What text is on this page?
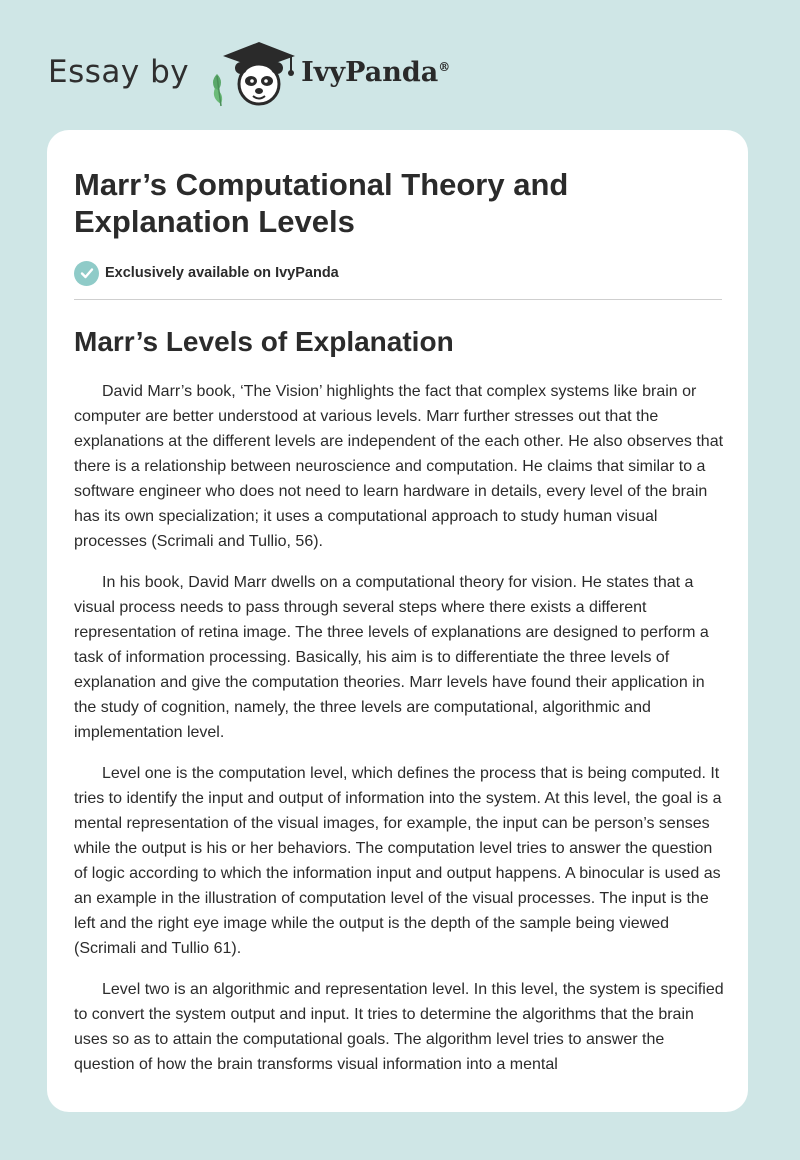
Essay by	IvyPanda®
Marr’s Computational Theory and Explanation Levels
Exclusively available on IvyPanda
Marr’s Levels of Explanation

David Marr’s book, ‘The Vision’ highlights the fact that complex systems like brain or computer are better understood at various levels. Marr further stresses out that the explanations at the different levels are independent of the each other. He also observes that there is a relationship between neuroscience and computation. He claims that similar to a software engineer who does not need to learn hardware in details, every level of the brain has its own specialization; it uses a computational approach to study human visual processes (Scrimali and Tullio, 56).

In his book, David Marr dwells on a computational theory for vision. He states that a visual process needs to pass through several steps where there exists a different representation of retina image. The three levels of explanations are designed to perform a task of information processing. Basically, his aim is to differentiate the three levels of explanation and give the computation theories. Marr levels have found their application in the study of cognition, namely, the three levels are computational, algorithmic and implementation level.

Level one is the computation level, which defines the process that is being computed. It tries to identify the input and output of information into the system. At this level, the goal is a mental representation of the visual images, for example, the input can be person’s senses while the output is his or her behaviors. The computation level tries to answer the question of logic according to which the information input and output happens. A binocular is used as an example in the illustration of computation level of the visual processes. The input is the left and the right eye image while the output is the depth of the sample being viewed (Scrimali and Tullio 61).

Level two is an algorithmic and representation level. In this level, the system is specified to convert the system output and input. It tries to determine the algorithms that the brain uses so as to attain the computational goals. The algorithm level tries to answer the question of how the brain transforms visual information into a mental
